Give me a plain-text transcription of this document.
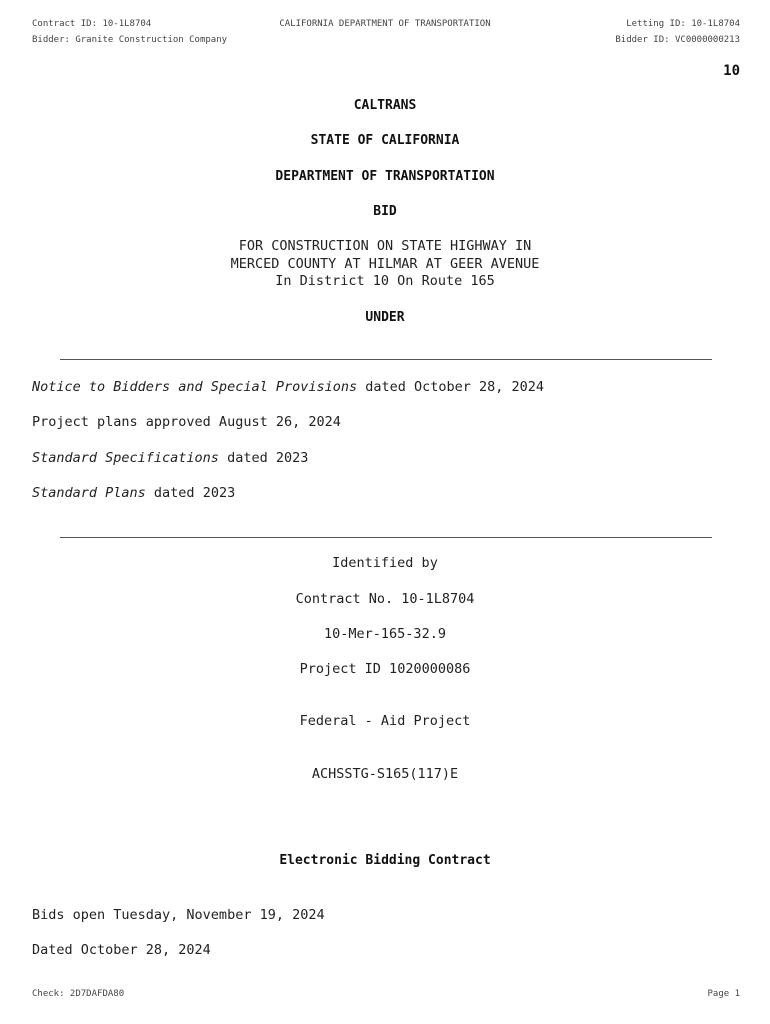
Contract ID: 10-1L8704	CALIFORNIA DEPARTMENT OF TRANSPORTATION	Letting ID: 10-1L8704
Bidder: Granite Construction Company	Bidder ID: VC0000000213
10
CALTRANS
STATE OF CALIFORNIA
DEPARTMENT OF TRANSPORTATION
BID
FOR CONSTRUCTION ON STATE HIGHWAY IN
MERCED COUNTY AT HILMAR AT GEER AVENUE
In District 10 On Route 165
UNDER
Notice to Bidders and Special Provisions dated October 28, 2024
Project plans approved August 26, 2024
Standard Specifications dated 2023
Standard Plans dated 2023
Identified by
Contract No. 10-1L8704
10-Mer-165-32.9
Project ID 1020000086
Federal - Aid Project
ACHSSTG-S165(117)E
Electronic Bidding Contract
Bids open Tuesday, November 19, 2024
Dated October 28, 2024
Check: 2D7DAFDA80	Page 1
